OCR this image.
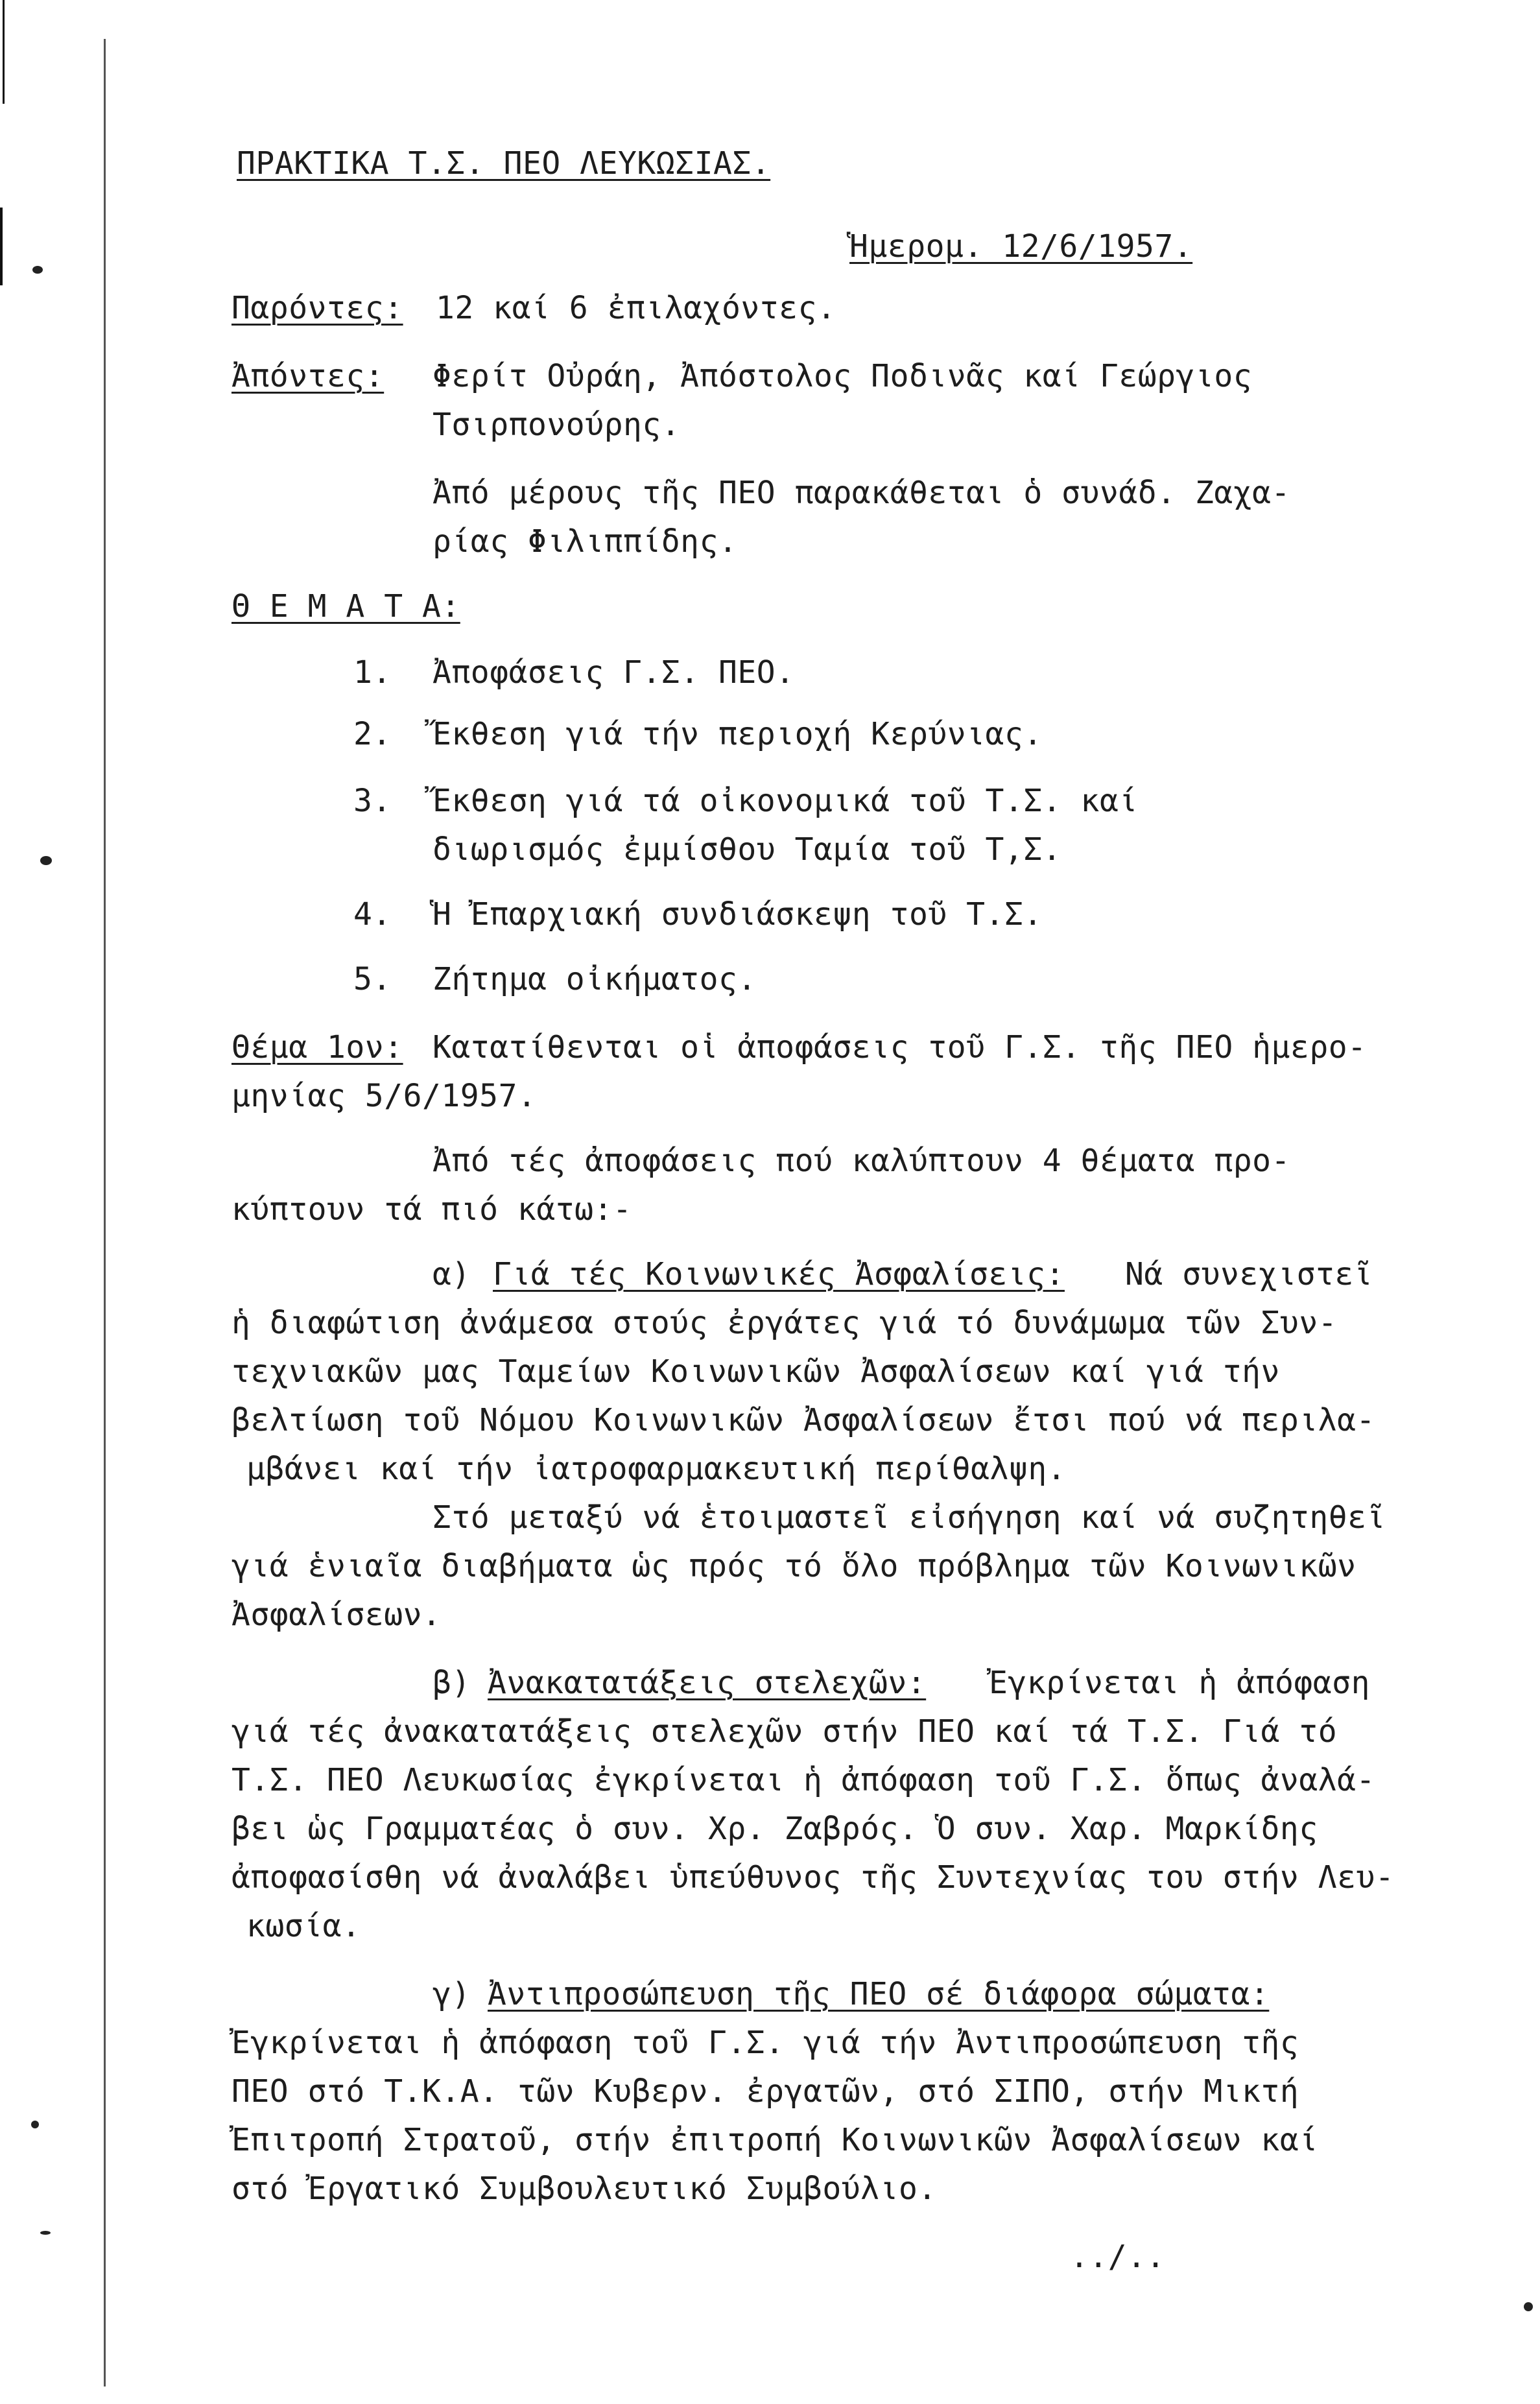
ΠΡΑΚΤΙΚΑ Τ.Σ. ΠΕΟ ΛΕΥΚΩΣΙΑΣ.
Ἡμερομ. 12/6/1957.
Παρόντες: 12 καί 6 ἐπιλαχόντες.
Ἀπόντες: Φερίτ Οὐράη, Ἀπόστολος Ποδινᾶς καί Γεώργιος
Τσιρπονούρης.
Ἀπό μέρους τῆς ΠΕΟ παρακάθεται ὁ συνάδ. Ζαχα-
ρίας Φιλιππίδης.
Θ Ε Μ Α Τ Α:
1. Ἀποφάσεις Γ.Σ. ΠΕΟ.
2. Ἔκθεση γιά τήν περιοχή Κερύνιας.
3. Ἔκθεση γιά τά οἰκονομικά τοῦ Τ.Σ. καί
διωρισμός ἐμμίσθου Ταμία τοῦ Τ,Σ.
4. Ἡ Ἐπαρχιακή συνδιάσκεψη τοῦ Τ.Σ.
5. Ζήτημα οἰκήματος.
Θέμα 1ον: Κατατίθενται οἱ ἀποφάσεις τοῦ Γ.Σ. τῆς ΠΕΟ ἡμερο-
μηνίας 5/6/1957.
Ἀπό τές ἀποφάσεις πού καλύπτουν 4 θέματα προ-
κύπτουν τά πιό κάτω:-
α) Γιά τές Κοινωνικές Ἀσφαλίσεις: Νά συνεχιστεῖ
ἡ διαφώτιση ἀνάμεσα στούς ἐργάτες γιά τό δυνάμωμα τῶν Συν-
τεχνιακῶν μας Ταμείων Κοινωνικῶν Ἀσφαλίσεων καί γιά τήν
βελτίωση τοῦ Νόμου Κοινωνικῶν Ἀσφαλίσεων ἔτσι πού νά περιλα-
μβάνει καί τήν ἰατροφαρμακευτική περίθαλψη.
Στό μεταξύ νά ἑτοιμαστεῖ εἰσήγηση καί νά συζητηθεῖ
γιά ἑνιαῖα διαβήματα ὡς πρός τό ὅλο πρόβλημα τῶν Κοινωνικῶν
Ἀσφαλίσεων.
β) Ἀνακατατάξεις στελεχῶν: Ἐγκρίνεται ἡ ἀπόφαση
γιά τές ἀνακατατάξεις στελεχῶν στήν ΠΕΟ καί τά Τ.Σ. Γιά τό
Τ.Σ. ΠΕΟ Λευκωσίας ἐγκρίνεται ἡ ἀπόφαση τοῦ Γ.Σ. ὅπως ἀναλά-
βει ὡς Γραμματέας ὁ συν. Χρ. Ζαβρός. Ὁ συν. Χαρ. Μαρκίδης
ἀποφασίσθη νά ἀναλάβει ὑπεύθυνος τῆς Συντεχνίας του στήν Λευ-
κωσία.
γ) Ἀντιπροσώπευση τῆς ΠΕΟ σέ διάφορα σώματα:
Ἐγκρίνεται ἡ ἀπόφαση τοῦ Γ.Σ. γιά τήν Ἀντιπροσώπευση τῆς
ΠΕΟ στό Τ.Κ.Α. τῶν Κυβερν. ἐργατῶν, στό ΣΙΠΟ, στήν Μικτή
Ἐπιτροπή Στρατοῦ, στήν ἐπιτροπή Κοινωνικῶν Ἀσφαλίσεων καί
στό Ἐργατικό Συμβουλευτικό Συμβούλιο.
../..
